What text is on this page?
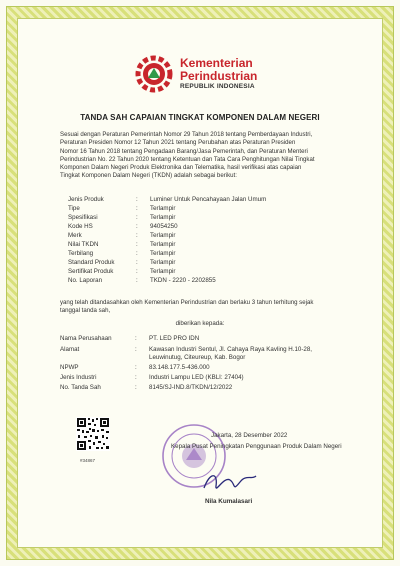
Kementerian
Perindustrian
REPUBLIK INDONESIA
TANDA SAH CAPAIAN TINGKAT KOMPONEN DALAM NEGERI
Sesuai dengan Peraturan Pemerintah Nomor 29 Tahun 2018 tentang Pemberdayaan Industri,
Peraturan Presiden Nomor 12 Tahun 2021 tentang Perubahan atas Peraturan Presiden
Nomor 16 Tahun 2018 tentang Pengadaan Barang/Jasa Pemerintah, dan Peraturan Menteri
Perindustrian No. 22 Tahun 2020 tentang Ketentuan dan Tata Cara Penghitungan Nilai Tingkat
Komponen Dalam Negeri Produk Elektronika dan Telematika, hasil verifikasi atas capaian
Tingkat Komponen Dalam Negeri (TKDN) adalah sebagai berikut:
Jenis Produk	: Luminer Untuk Pencahayaan Jalan Umum
Tipe	: Terlampir
Spesifikasi	: Terlampir
Kode HS	: 94054250
Merk	: Terlampir
Nilai TKDN	: Terlampir
Terbilang	: Terlampir
Standard Produk	: Terlampir
Sertifikat Produk	: Terlampir
No. Laporan	: TKDN - 2220 - 2202855
yang telah ditandasahkan oleh Kementerian Perindustrian dan berlaku 3 tahun terhitung sejak
tanggal tanda sah,
diberikan kepada:
Nama Perusahaan	: PT. LED PRO IDN
Alamat	: Kawasan Industri Sentul, Jl. Cahaya Raya Kavling H.10-28,
Leuwinutug, Citeureup, Kab. Bogor
NPWP	: 83.148.177.5-436.000
Jenis Industri	: Industri Lampu LED (KBLI: 27404)
No. Tanda Sah	: 8145/SJ-IND.8/TKDN/12/2022
#34867
Jakarta, 28 Desember 2022
Kepala Pusat Peningkatan Penggunaan Produk Dalam Negeri
Nila Kumalasari
